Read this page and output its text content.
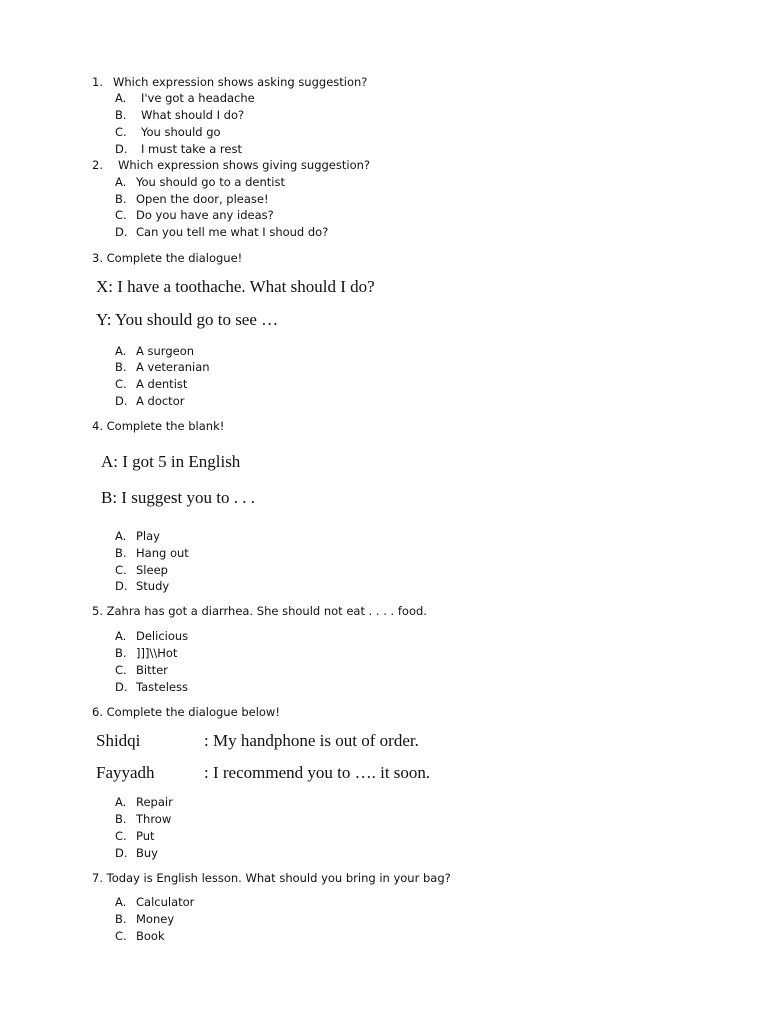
1. Which expression shows asking suggestion?
A. I've got a headache
B. What should I do?
C. You should go
D. I must take a rest
2. Which expression shows giving suggestion?
A. You should go to a dentist
B. Open the door, please!
C. Do you have any ideas?
D. Can you tell me what I shoud do?
3. Complete the dialogue!
X: I have a toothache. What should I do?
Y: You should go to see …
A. A surgeon
B. A veteranian
C. A dentist
D. A doctor
4. Complete the blank!
A: I got 5 in English
B: I suggest you to . . .
A. Play
B. Hang out
C. Sleep
D. Study
5. Zahra has got a diarrhea. She should not eat . . . . food.
A. Delicious
B. ]]]\\Hot
C. Bitter
D. Tasteless
6. Complete the dialogue below!
Shidqi	: My handphone is out of order.
Fayyadh	: I recommend you to …. it soon.
A. Repair
B. Throw
C. Put
D. Buy
7. Today is English lesson. What should you bring in your bag?
A. Calculator
B. Money
C. Book
